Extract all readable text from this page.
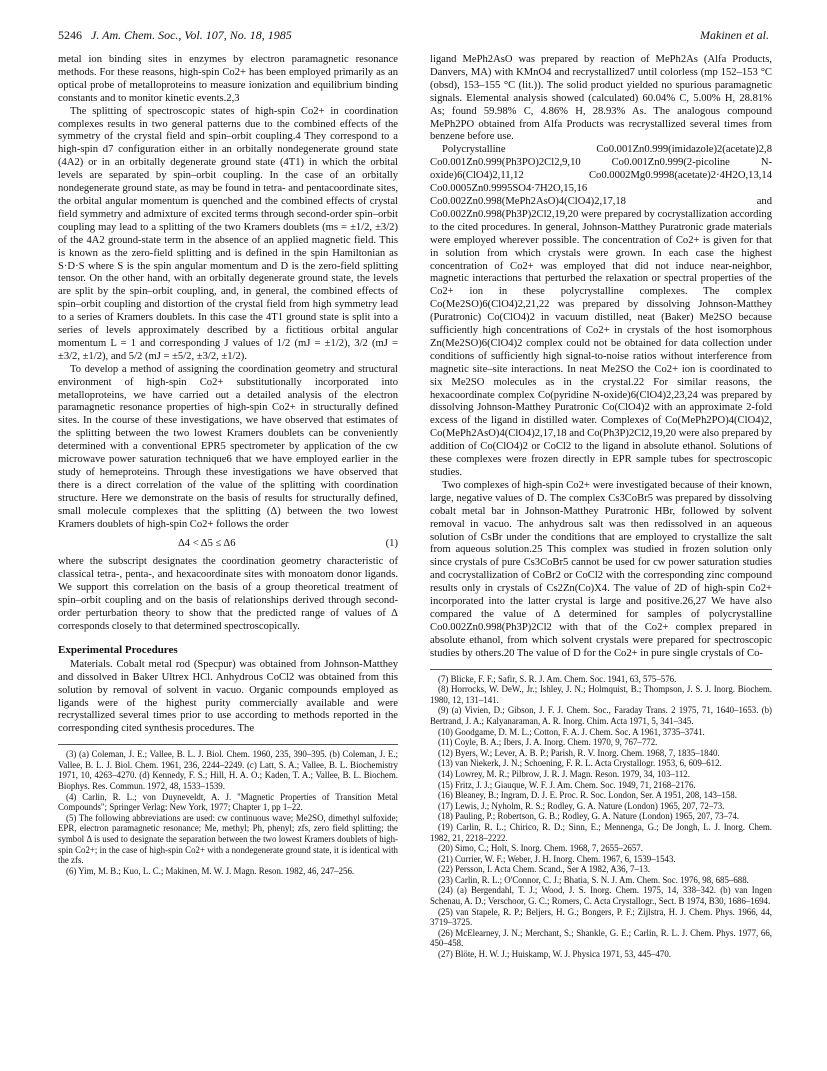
5246 J. Am. Chem. Soc., Vol. 107, No. 18, 1985	Makinen et al.

metal ion binding sites in enzymes by electron paramagnetic resonance methods. For these reasons, high-spin Co2+ has been employed primarily as an optical probe of metalloproteins to measure ionization and equilibrium binding constants and to monitor kinetic events.2,3

The splitting of spectroscopic states of high-spin Co2+ in coordination complexes results in two general patterns due to the combined effects of the symmetry of the crystal field and spin–orbit coupling.4 They correspond to a high-spin d7 configuration either in an orbitally nondegenerate ground state (4A2) or in an orbitally degenerate ground state (4T1) in which the orbital levels are separated by spin–orbit coupling. In the case of an orbitally nondegenerate ground state, as may be found in tetra- and pentacoordinate sites, the orbital angular momentum is quenched and the combined effects of crystal field symmetry and admixture of excited terms through second-order spin–orbit coupling may lead to a splitting of the two Kramers doublets (ms = ±1/2, ±3/2) of the 4A2 ground-state term in the absence of an applied magnetic field. This is known as the zero-field splitting and is defined in the spin Hamiltonian as S·D·S where S is the spin angular momentum and D is the zero-field splitting tensor. On the other hand, with an orbitally degenerate ground state, the levels are split by the spin–orbit coupling, and, in general, the combined effects of spin–orbit coupling and distortion of the crystal field from high symmetry lead to a series of Kramers doublets. In this case the 4T1 ground state is split into a series of levels approximately described by a fictitious orbital angular momentum L = 1 and corresponding J values of 1/2 (mJ = ±1/2), 3/2 (mJ = ±3/2, ±1/2), and 5/2 (mJ = ±5/2, ±3/2, ±1/2).

To develop a method of assigning the coordination geometry and structural environment of high-spin Co2+ substitutionally incorporated into metalloproteins, we have carried out a detailed analysis of the electron paramagnetic resonance properties of high-spin Co2+ in structurally defined sites. In the course of these investigations, we have observed that estimates of the splitting between the two lowest Kramers doublets can be conveniently determined with a conventional EPR5 spectrometer by application of the cw microwave power saturation technique6 that we have employed earlier in the study of hemeproteins. Through these investigations we have observed that there is a direct correlation of the value of the splitting with coordination structure. Here we demonstrate on the basis of results for structurally defined, small molecule complexes that the splitting (Δ) between the two lowest Kramers doublets of high-spin Co2+ follows the order

Δ4 < Δ5 ≤ Δ6	(1)

where the subscript designates the coordination geometry characteristic of classical tetra-, penta-, and hexacoordinate sites with monoatom donor ligands. We support this correlation on the basis of a group theoretical treatment of spin–orbit coupling and on the basis of relationships derived through second-order perturbation theory to show that the predicted range of values of Δ corresponds closely to that determined spectroscopically.

Experimental Procedures

Materials. Cobalt metal rod (Specpur) was obtained from Johnson-Matthey and dissolved in Baker Ultrex HCl. Anhydrous CoCl2 was obtained from this solution by removal of solvent in vacuo. Organic compounds employed as ligands were of the highest purity commercially available and were recrystallized several times prior to use according to methods reported in the corresponding cited synthesis procedures. The

(3) (a) Coleman, J. E.; Vallee, B. L. J. Biol. Chem. 1960, 235, 390–395. (b) Coleman, J. E.; Vallee, B. L. J. Biol. Chem. 1961, 236, 2244–2249. (c) Latt, S. A.; Vallee, B. L. Biochemistry 1971, 10, 4263–4270. (d) Kennedy, F. S.; Hill, H. A. O.; Kaden, T. A.; Vallee, B. L. Biochem. Biophys. Res. Commun. 1972, 48, 1533–1539.

(4) Carlin, R. L.; von Duyneveldt, A. J. "Magnetic Properties of Transition Metal Compounds"; Springer Verlag: New York, 1977; Chapter 1, pp 1–22.

(5) The following abbreviations are used: cw continuous wave; Me2SO, dimethyl sulfoxide; EPR, electron paramagnetic resonance; Me, methyl; Ph, phenyl; zfs, zero field splitting; the symbol Δ is used to designate the separation between the two lowest Kramers doublets of high-spin Co2+; in the case of high-spin Co2+ with a nondegenerate ground state, it is identical with the zfs.

(6) Yim, M. B.; Kuo, L. C.; Makinen, M. W. J. Magn. Reson. 1982, 46, 247–256.

ligand MePh2AsO was prepared by reaction of MePh2As (Alfa Products, Danvers, MA) with KMnO4 and recrystallized7 until colorless (mp 152–153 °C (obsd), 153–155 °C (lit.)). The solid product yielded no spurious paramagnetic signals. Elemental analysis showed (calculated) 60.04% C, 5.00% H, 28.81% As; found 59.98% C, 4.86% H, 28.93% As. The analogous compound MePh2PO obtained from Alfa Products was recrystallized several times from benzene before use.

Polycrystalline Co0.001Zn0.999(imidazole)2(acetate)2,8 Co0.001Zn0.999(Ph3PO)2Cl2,9,10 Co0.001Zn0.999(2-picoline N-oxide)6(ClO4)2,11,12 Co0.0002Mg0.9998(acetate)2·4H2O,13,14 Co0.0005Zn0.9995SO4·7H2O,15,16 Co0.002Zn0.998(MePh2AsO)4(ClO4)2,17,18 and Co0.002Zn0.998(Ph3P)2Cl2,19,20 were prepared by cocrystallization according to the cited procedures. In general, Johnson-Matthey Puratronic grade materials were employed wherever possible. The concentration of Co2+ is given for that in solution from which crystals were grown. In each case the highest concentration of Co2+ was employed that did not induce near-neighbor, magnetic interactions that perturbed the relaxation or spectral properties of the Co2+ ion in these polycrystalline complexes. The complex Co(Me2SO)6(ClO4)2,21,22 was prepared by dissolving Johnson-Matthey (Puratronic) Co(ClO4)2 in vacuum distilled, neat (Baker) Me2SO because sufficiently high concentrations of Co2+ in crystals of the host isomorphous Zn(Me2SO)6(ClO4)2 complex could not be obtained for data collection under conditions of sufficiently high signal-to-noise ratios without interference from magnetic site–site interactions. In neat Me2SO the Co2+ ion is coordinated to six Me2SO molecules as in the crystal.22 For similar reasons, the hexacoordinate complex Co(pyridine N-oxide)6(ClO4)2,23,24 was prepared by dissolving Johnson-Matthey Puratronic Co(ClO4)2 with an approximate 2-fold excess of the ligand in distilled water. Complexes of Co(MePh2PO)4(ClO4)2, Co(MePh2AsO)4(ClO4)2,17,18 and Co(Ph3P)2Cl2,19,20 were also prepared by addition of Co(ClO4)2 or CoCl2 to the ligand in absolute ethanol. Solutions of these complexes were frozen directly in EPR sample tubes for spectroscopic studies.

Two complexes of high-spin Co2+ were investigated because of their known, large, negative values of D. The complex Cs3CoBr5 was prepared by dissolving cobalt metal bar in Johnson-Matthey Puratronic HBr, followed by solvent removal in vacuo. The anhydrous salt was then redissolved in an aqueous solution of CsBr under the conditions that are employed to crystallize the salt from aqueous solution.25 This complex was studied in frozen solution only since crystals of pure Cs3CoBr5 cannot be used for cw power saturation studies and cocrystallization of CoBr2 or CoCl2 with the corresponding zinc compound results only in crystals of Cs2Zn(Co)X4. The value of 2D of high-spin Co2+ incorporated into the latter crystal is large and positive.26,27 We have also compared the value of Δ determined for samples of polycrystalline Co0.002Zn0.998(Ph3P)2Cl2 with that of the Co2+ complex prepared in absolute ethanol, from which solvent crystals were prepared for spectroscopic studies by others.20 The value of D for the Co2+ in pure single crystals of Co-

(7) Blicke, F. F.; Safir, S. R. J. Am. Chem. Soc. 1941, 63, 575–576.

(8) Horrocks, W. DeW., Jr.; Ishley, J. N.; Holmquist, B.; Thompson, J. S. J. Inorg. Biochem. 1980, 12, 131–141.

(9) (a) Vivien, D.; Gibson, J. F. J. Chem. Soc., Faraday Trans. 2 1975, 71, 1640–1653. (b) Bertrand, J. A.; Kalyanaraman, A. R. Inorg. Chim. Acta 1971, 5, 341–345.

(10) Goodgame, D. M. L.; Cotton, F. A. J. Chem. Soc. A 1961, 3735–3741.

(11) Coyle, B. A.; Ibers, J. A. Inorg. Chem. 1970, 9, 767–772.

(12) Byers, W.; Lever, A. B. P.; Parish, R. V. Inorg. Chem. 1968, 7, 1835–1840.

(13) van Niekerk, J. N.; Schoening, F. R. L. Acta Crystallogr. 1953, 6, 609–612.

(14) Lowrey, M. R.; Pilbrow, J. R. J. Magn. Reson. 1979, 34, 103–112.

(15) Fritz, J. J.; Giauque, W. F. J. Am. Chem. Soc. 1949, 71, 2168–2176.

(16) Bleaney, B.; Ingram, D. J. E. Proc. R. Soc. London, Ser. A 1951, 208, 143–158.

(17) Lewis, J.; Nyholm, R. S.; Rodley, G. A. Nature (London) 1965, 207, 72–73.

(18) Pauling, P.; Robertson, G. B.; Rodley, G. A. Nature (London) 1965, 207, 73–74.

(19) Carlin, R. L.; Chirico, R. D.; Sinn, E.; Mennenga, G.; De Jongh, L. J. Inorg. Chem. 1982, 21, 2218–2222.

(20) Simo, C.; Holt, S. Inorg. Chem. 1968, 7, 2655–2657.

(21) Currier, W. F.; Weber, J. H. Inorg. Chem. 1967, 6, 1539–1543.

(22) Persson, I. Acta Chem. Scand., Ser A 1982, A36, 7–13.

(23) Carlin, R. L.; O'Connor, C. J.; Bhatia, S. N. J. Am. Chem. Soc. 1976, 98, 685–688.

(24) (a) Bergendahl, T. J.; Wood, J. S. Inorg. Chem. 1975, 14, 338–342. (b) van Ingen Schenau, A. D.; Verschoor, G. C.; Romers, C. Acta Crystallogr., Sect. B 1974, B30, 1686–1694.

(25) van Stapele, R. P.; Beljers, H. G.; Bongers, P. F.; Zijlstra, H. J. Chem. Phys. 1966, 44, 3719–3725.

(26) McElearney, J. N.; Merchant, S.; Shankle, G. E.; Carlin, R. L. J. Chem. Phys. 1977, 66, 450–458.

(27) Blöte, H. W. J.; Huiskamp, W. J. Physica 1971, 53, 445–470.
